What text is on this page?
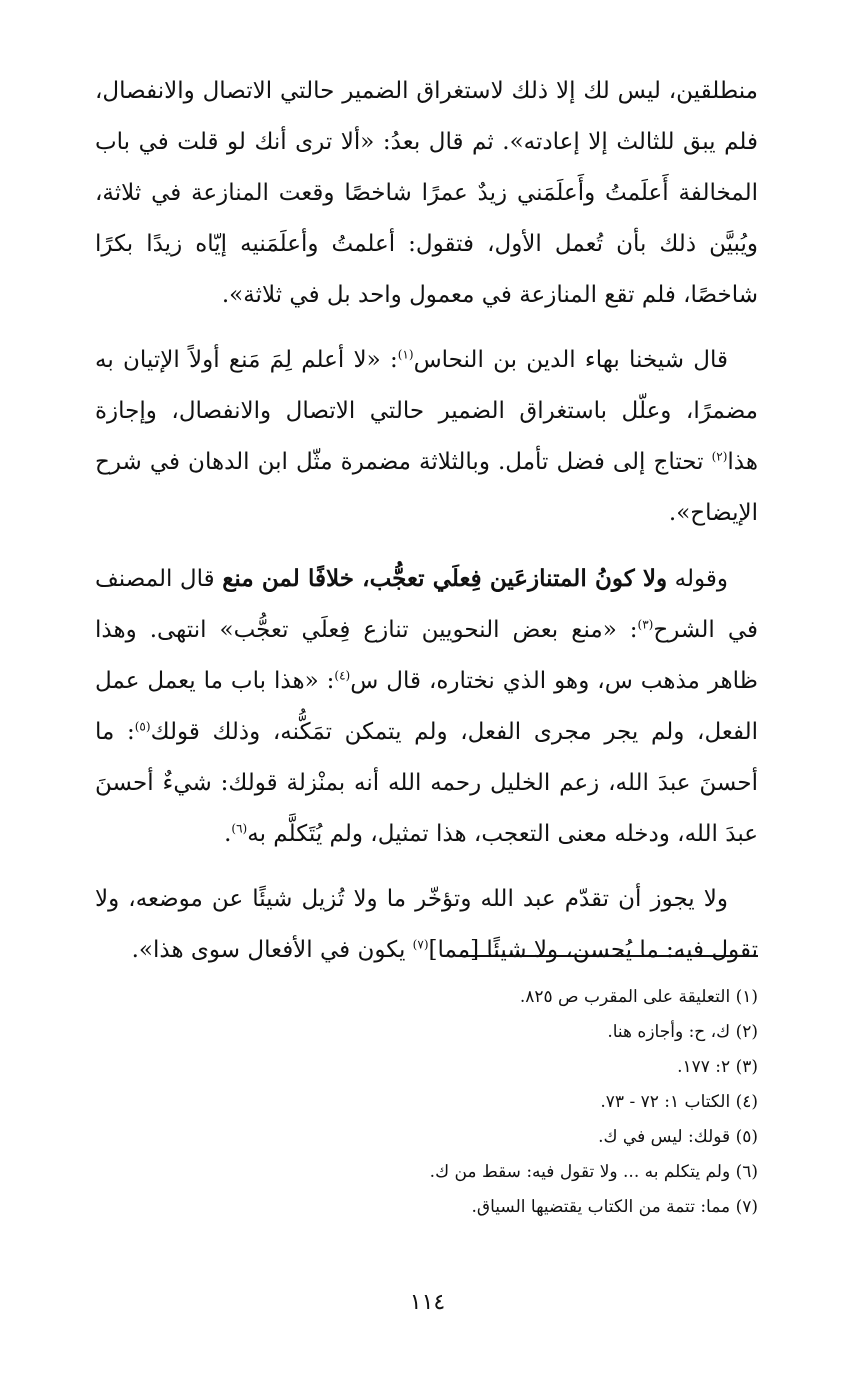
منطلقين، ليس لك إلا ذلك لاستغراق الضمير حالتي الاتصال والانفصال، فلم يبق للثالث إلا إعادته». ثم قال بعدُ: «ألا ترى أنك لو قلت في باب المخالفة أَعلَمتُ وأَعلَمَني زيدٌ عمرًا شاخصًا وقعت المنازعة في ثلاثة، ويُبيَّن ذلك بأن تُعمل الأول، فتقول: أعلمتُ وأعلَمَنيه إيّاه زيدًا بكرًا شاخصًا، فلم تقع المنازعة في معمول واحد بل في ثلاثة».

قال شيخنا بهاء الدين بن النحاس$^{(١)}$: «لا أعلم لِمَ مَنع أولاً الإتيان به مضمرًا، وعلّل باستغراق الضمير حالتي الاتصال والانفصال، وإجازة هذا$^{(٢)}$ تحتاج إلى فضل تأمل. وبالثلاثة مضمرة مثّل ابن الدهان في شرح الإيضاح».

وقوله ولا كونُ المتنازعَين فِعلَي تعجُّب، خلافًا لمن منع قال المصنف في الشرح$^{(٣)}$: «منع بعض النحويين تنازع فِعلَي تعجُّب» انتهى. وهذا ظاهر مذهب س، وهو الذي نختاره، قال س$^{(٤)}$: «هذا باب ما يعمل عمل الفعل، ولم يجر مجرى الفعل، ولم يتمكن تمَكُّنه، وذلك قولك$^{(٥)}$: ما أحسنَ عبدَ الله، زعم الخليل رحمه الله أنه بمنْزلة قولك: شيءٌ أحسنَ عبدَ الله، ودخله معنى التعجب، هذا تمثيل، ولم يُتَكلَّم به$^{(٦)}$.

ولا يجوز أن تقدّم عبد الله وتؤخّر ما ولا تُزيل شيئًا عن موضعه، ولا تقول فيه: ما يُحسن، ولا شيئًا [مما]$^{(٧)}$ يكون في الأفعال سوى هذا».

(١) التعليقة على المقرب ص ٨٢٥.

(٢) ك، ح: وأجازه هنا.

(٣) ٢: ١٧٧.

(٤) الكتاب ١: ٧٢ - ٧٣.

(٥) قولك: ليس في ك.

(٦) ولم يتكلم به ... ولا تقول فيه: سقط من ك.

(٧) مما: تتمة من الكتاب يقتضيها السياق.

١١٤
